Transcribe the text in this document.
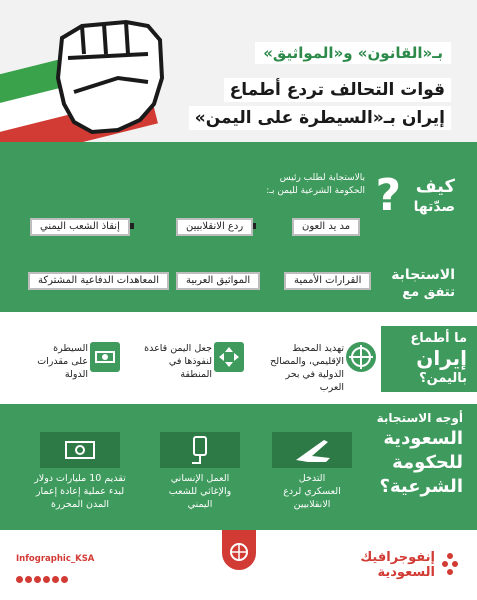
بـ«القانون» و«المواثيق»
قوات التحالف تردع أطماع
إيران بـ«السيطرة على اليمن»
كيف
صدّتها
?
بالاستجابة لطلب رئيس
الحكومة الشرعية لليمن بـ:
مد يد العون
ردع الانقلابيين
إنقاذ الشعب اليمني
الاستجابة
تتفق مع
القرارات الأممية
المواثيق العربية
المعاهدات الدفاعية المشتركة
ما أطماع
إيران
باليمن؟
تهديد المحيط
الإقليمي، والمصالح
الدولية في بحر العرب
جعل اليمن قاعدة
لنفوذها في
المنطقة
السيطرة
على مقدرات
الدولة
أوجه الاستجابة
السعودية
للحكومة
الشرعية؟
التدخل
العسكري لردع
الانقلابيين
العمل الإنساني
والإغاثي للشعب
اليمني
تقديم 10 مليارات دولار
لبدء عملية إعادة إعمار
المدن المحررة
Infographic_KSA	إنفوجرافيك
السعودية
